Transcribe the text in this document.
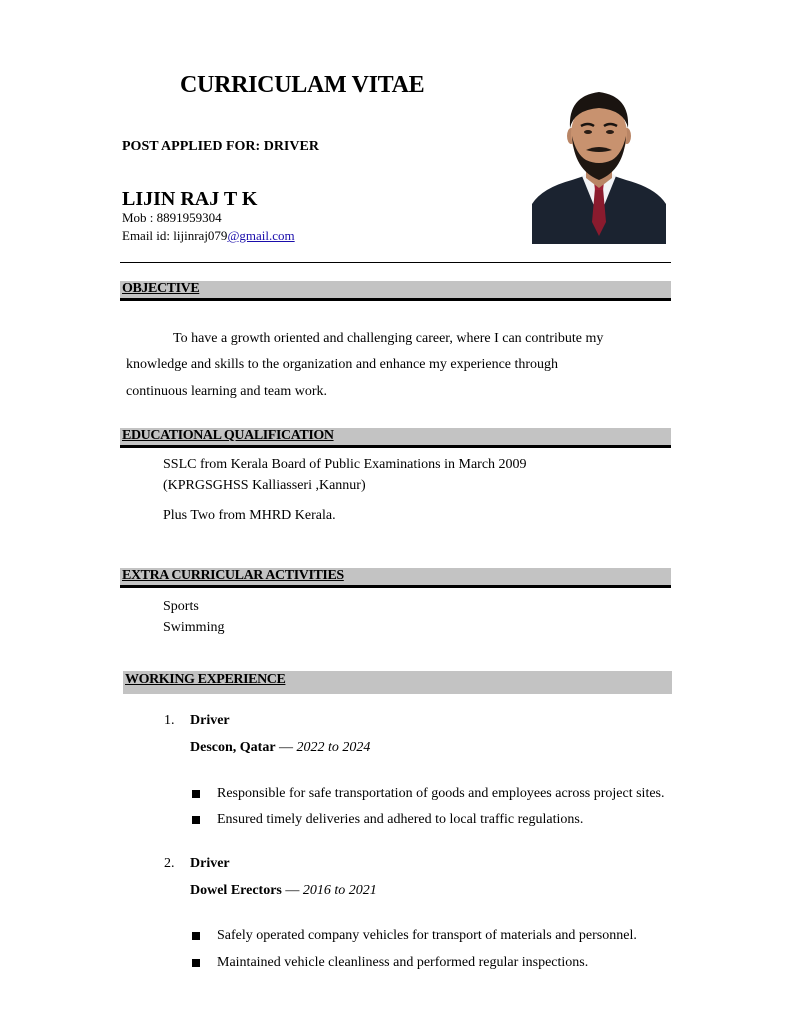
CURRICULAM VITAE
POST APPLIED FOR: DRIVER
LIJIN RAJ T K
Mob : 8891959304
Email id: lijinraj079@gmail.com
OBJECTIVE
To have a growth oriented and challenging career, where I can contribute my
knowledge and skills to the organization and enhance my experience through
continuous learning and team work.
EDUCATIONAL QUALIFICATION
SSLC from Kerala Board of Public Examinations in March 2009
(KPRGSGHSS Kalliasseri ,Kannur)
Plus Two from MHRD Kerala.
EXTRA CURRICULAR ACTIVITIES
Sports
Swimming
WORKING EXPERIENCE
1. Driver
Descon, Qatar — 2022 to 2024
Responsible for safe transportation of goods and employees across project sites.
Ensured timely deliveries and adhered to local traffic regulations.
2. Driver
Dowel Erectors — 2016 to 2021
Safely operated company vehicles for transport of materials and personnel.
Maintained vehicle cleanliness and performed regular inspections.
